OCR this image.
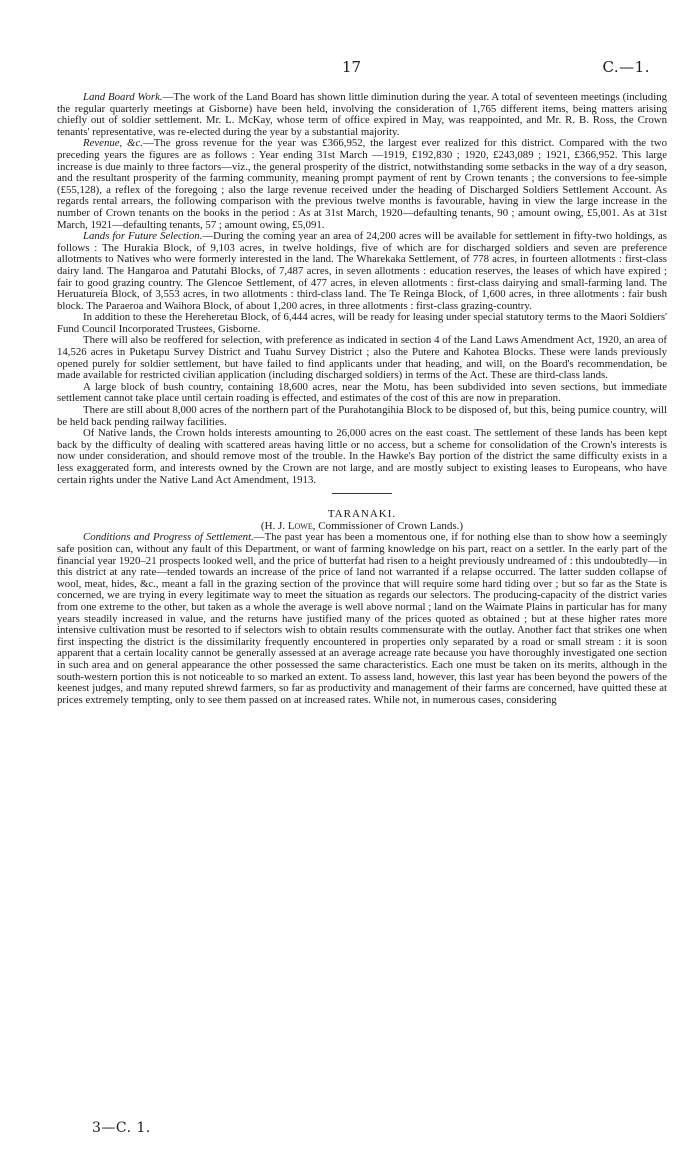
17	C.—1.

Land Board Work.—The work of the Land Board has shown little diminution during the year. A total of seventeen meetings (including the regular quarterly meetings at Gisborne) have been held, involving the consideration of 1,765 different items, being matters arising chiefly out of soldier settlement. Mr. L. McKay, whose term of office expired in May, was reappointed, and Mr. R. B. Ross, the Crown tenants' representative, was re-elected during the year by a substantial majority.

Revenue, &c.—The gross revenue for the year was £366,952, the largest ever realized for this district. Compared with the two preceding years the figures are as follows : Year ending 31st March —1919, £192,830 ; 1920, £243,089 ; 1921, £366,952. This large increase is due mainly to three factors—viz., the general prosperity of the district, notwithstanding some setbacks in the way of a dry season, and the resultant prosperity of the farming community, meaning prompt payment of rent by Crown tenants ; the conversions to fee-simple (£55,128), a reflex of the foregoing ; also the large revenue received under the heading of Discharged Soldiers Settlement Account. As regards rental arrears, the following comparison with the previous twelve months is favourable, having in view the large increase in the number of Crown tenants on the books in the period : As at 31st March, 1920—defaulting tenants, 90 ; amount owing, £5,001. As at 31st March, 1921—defaulting tenants, 57 ; amount owing, £5,091.

Lands for Future Selection.—During the coming year an area of 24,200 acres will be available for settlement in fifty-two holdings, as follows : The Hurakia Block, of 9,103 acres, in twelve holdings, five of which are for discharged soldiers and seven are preference allotments to Natives who were formerly interested in the land. The Wharekaka Settlement, of 778 acres, in fourteen allotments : first-class dairy land. The Hangaroa and Patutahi Blocks, of 7,487 acres, in seven allotments : education reserves, the leases of which have expired ; fair to good grazing country. The Glencoe Settlement, of 477 acres, in eleven allotments : first-class dairying and small-farming land. The Heruatureia Block, of 3,553 acres, in two allotments : third-class land. The Te Reinga Block, of 1,600 acres, in three allotments : fair bush block. The Paraeroa and Waihora Block, of about 1,200 acres, in three allotments : first-class grazing-country.

In addition to these the Hereheretau Block, of 6,444 acres, will be ready for leasing under special statutory terms to the Maori Soldiers' Fund Council Incorporated Trustees, Gisborne.

There will also be reoffered for selection, with preference as indicated in section 4 of the Land Laws Amendment Act, 1920, an area of 14,526 acres in Puketapu Survey District and Tuahu Survey District ; also the Putere and Kahotea Blocks. These were lands previously opened purely for soldier settlement, but have failed to find applicants under that heading, and will, on the Board's recommendation, be made available for restricted civilian application (including discharged soldiers) in terms of the Act. These are third-class lands.

A large block of bush country, containing 18,600 acres, near the Motu, has been subdivided into seven sections, but immediate settlement cannot take place until certain roading is effected, and estimates of the cost of this are now in preparation.

There are still about 8,000 acres of the northern part of the Purahotangihia Block to be disposed of, but this, being pumice country, will be held back pending railway facilities.

Of Native lands, the Crown holds interests amounting to 26,000 acres on the east coast. The settlement of these lands has been kept back by the difficulty of dealing with scattered areas having little or no access, but a scheme for consolidation of the Crown's interests is now under consideration, and should remove most of the trouble. In the Hawke's Bay portion of the district the same difficulty exists in a less exaggerated form, and interests owned by the Crown are not large, and are mostly subject to existing leases to Europeans, who have certain rights under the Native Land Act Amendment, 1913.

TARANAKI.

(H. J. Lowe, Commissioner of Crown Lands.)

Conditions and Progress of Settlement.—The past year has been a momentous one, if for nothing else than to show how a seemingly safe position can, without any fault of this Department, or want of farming knowledge on his part, react on a settler. In the early part of the financial year 1920–21 prospects looked well, and the price of butterfat had risen to a height previously undreamed of : this undoubtedly—in this district at any rate—tended towards an increase of the price of land not warranted if a relapse occurred. The latter sudden collapse of wool, meat, hides, &c., meant a fall in the grazing section of the province that will require some hard tiding over ; but so far as the State is concerned, we are trying in every legitimate way to meet the situation as regards our selectors. The producing-capacity of the district varies from one extreme to the other, but taken as a whole the average is well above normal ; land on the Waimate Plains in particular has for many years steadily increased in value, and the returns have justified many of the prices quoted as obtained ; but at these higher rates more intensive cultivation must be resorted to if selectors wish to obtain results commensurate with the outlay. Another fact that strikes one when first inspecting the district is the dissimilarity frequently encountered in properties only separated by a road or small stream : it is soon apparent that a certain locality cannot be generally assessed at an average acreage rate because you have thoroughly investigated one section in such area and on general appearance the other possessed the same characteristics. Each one must be taken on its merits, although in the south-western portion this is not noticeable to so marked an extent. To assess land, however, this last year has been beyond the powers of the keenest judges, and many reputed shrewd farmers, so far as productivity and management of their farms are concerned, have quitted these at prices extremely tempting, only to see them passed on at increased rates. While not, in numerous cases, considering

3—C. 1.
